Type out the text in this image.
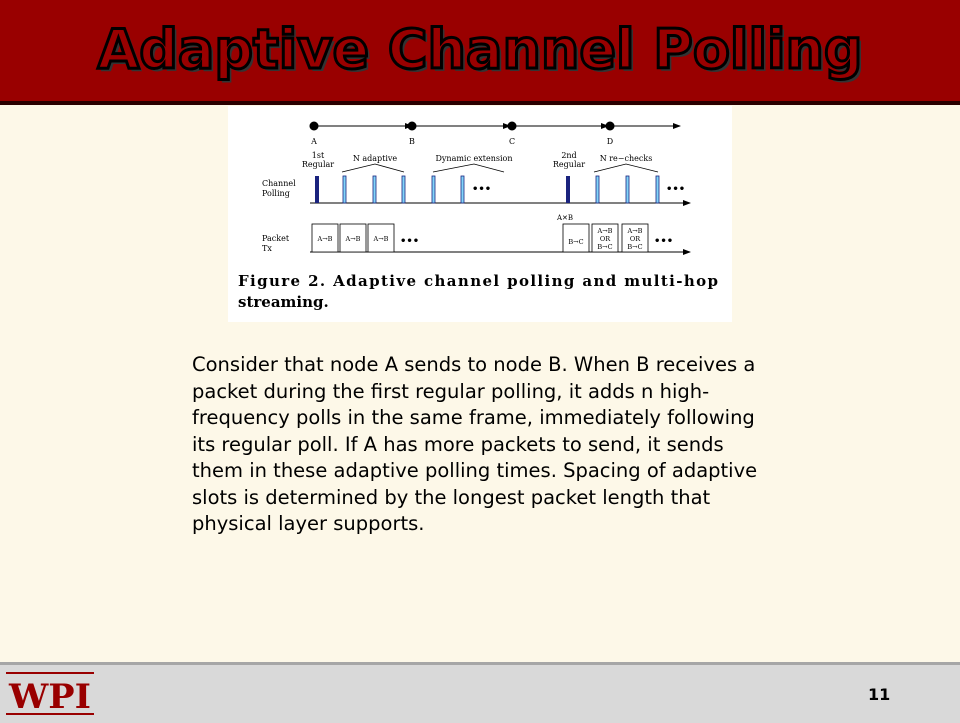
Adaptive Channel Polling
A	B	C	D
1st
Regular
N adaptive	Dynamic extension	2nd
Regular
N re−checks
Channel
Polling
Packet
Tx
•••	•••
A✕B
A→B A→B A→B	B→C
A→B
OR
B→C
A→B
OR
B→C
•••	•••
Figure 2. Adaptive channel polling and multi-hop
streaming.

Consider that node A sends to node B. When B receives a packet during the first regular polling, it adds n high-frequency polls in the same frame, immediately following its regular poll. If A has more packets to send, it sends them in these adaptive polling times. Spacing of adaptive slots is determined by the longest packet length that physical layer supports.

WPI	11
